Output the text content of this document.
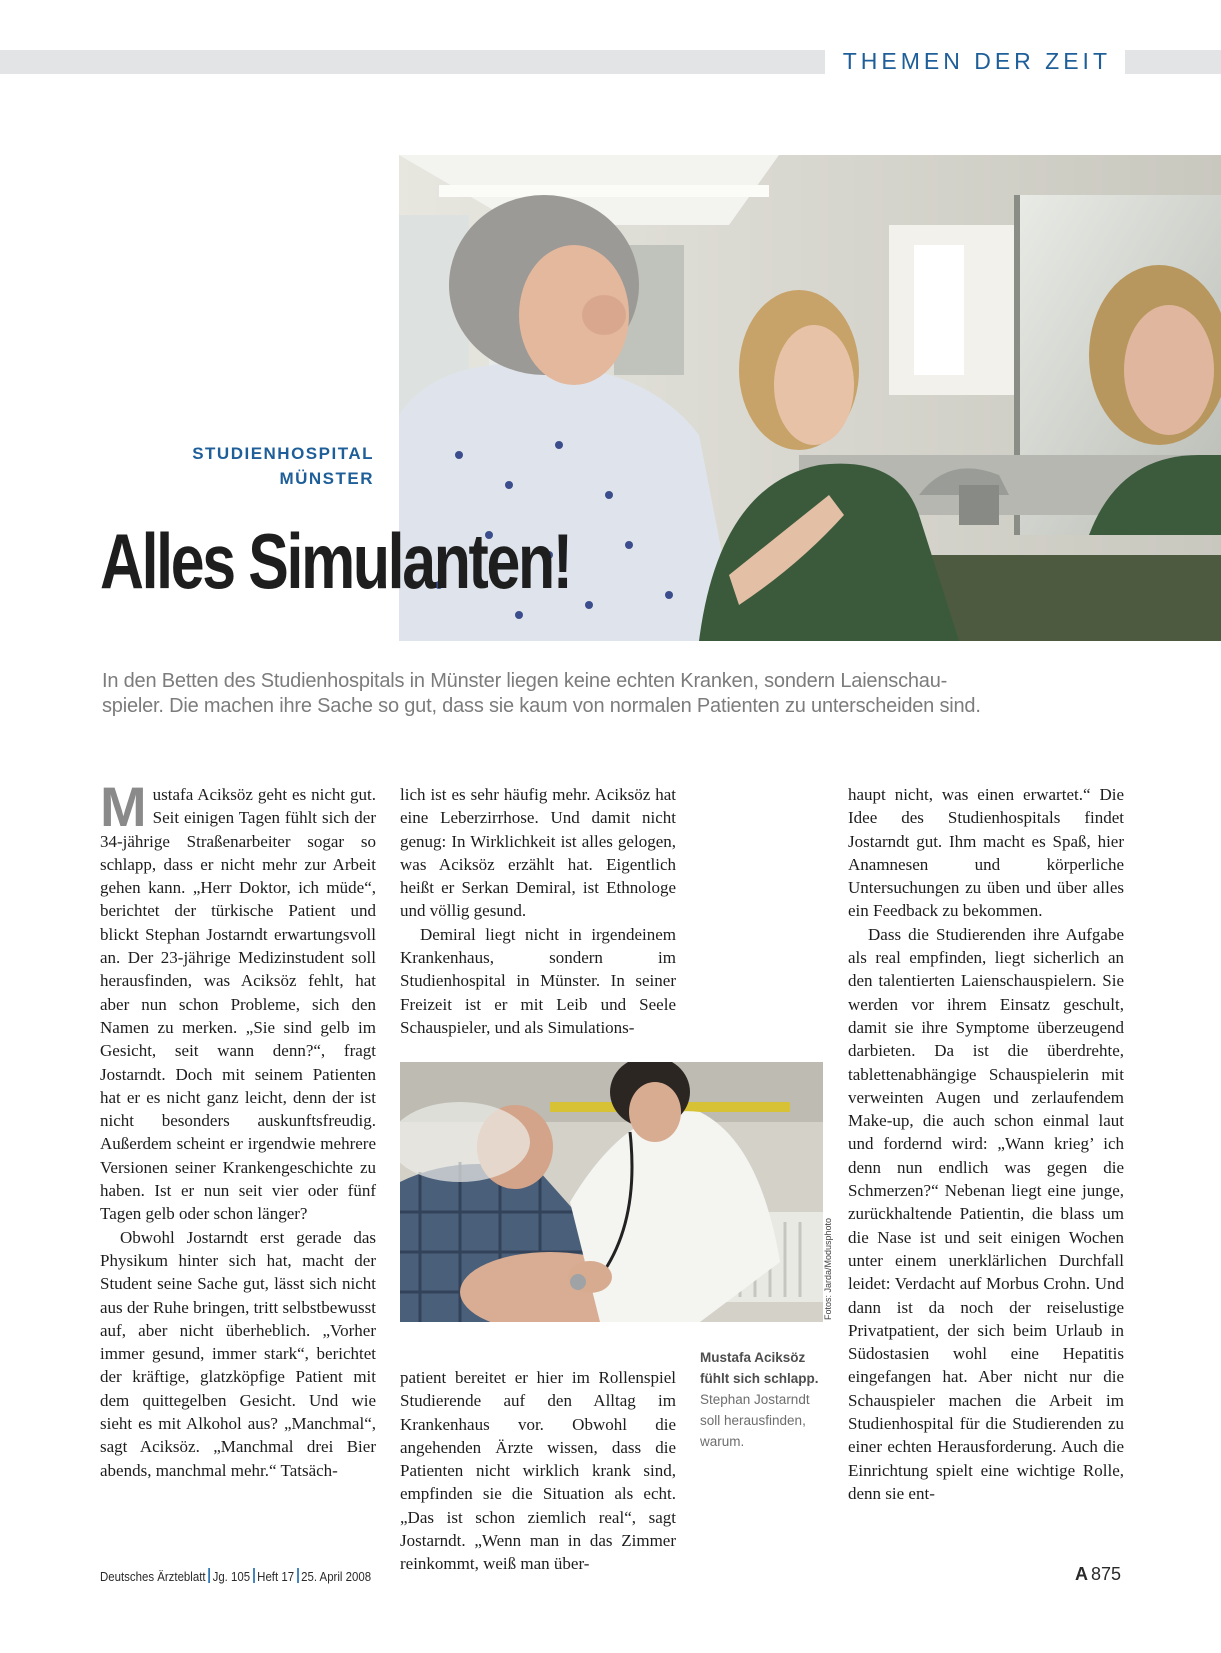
THEMEN DER ZEIT
STUDIENHOSPITAL
MÜNSTER
Alles Simulanten!
In den Betten des Studienhospitals in Münster liegen keine echten Kranken, sondern Laienschau-
spieler. Die machen ihre Sache so gut, dass sie kaum von normalen Patienten zu unterscheiden sind.

Mustafa Aciksöz geht es nicht gut. Seit einigen Tagen fühlt sich der 34-jährige Straßenarbeiter sogar so schlapp, dass er nicht mehr zur Arbeit gehen kann. „Herr Doktor, ich müde“, berichtet der türkische Patient und blickt Stephan Jostarndt erwartungsvoll an. Der 23-jährige Medizinstudent soll herausfinden, was Aciksöz fehlt, hat aber nun schon Probleme, sich den Namen zu merken. „Sie sind gelb im Gesicht, seit wann denn?“, fragt Jostarndt. Doch mit seinem Patienten hat er es nicht ganz leicht, denn der ist nicht besonders auskunftsfreudig. Außerdem scheint er irgendwie mehrere Versionen seiner Krankengeschichte zu haben. Ist er nun seit vier oder fünf Tagen gelb oder schon länger?

Obwohl Jostarndt erst gerade das Physikum hinter sich hat, macht der Student seine Sache gut, lässt sich nicht aus der Ruhe bringen, tritt selbstbewusst auf, aber nicht überheblich. „Vorher immer gesund, immer stark“, berichtet der kräftige, glatzköpfige Patient mit dem quittegelben Gesicht. Und wie sieht es mit Alkohol aus? „Manchmal“, sagt Aciksöz. „Manchmal drei Bier abends, manchmal mehr.“ Tatsäch-

lich ist es sehr häufig mehr. Aciksöz hat eine Leberzirrhose. Und damit nicht genug: In Wirklichkeit ist alles gelogen, was Aciksöz erzählt hat. Eigentlich heißt er Serkan Demiral, ist Ethnologe und völlig gesund.

Demiral liegt nicht in irgendeinem Krankenhaus, sondern im Studienhospital in Münster. In seiner Freizeit ist er mit Leib und Seele Schauspieler, und als Simulations-

Fotos: Jarda/Modusphoto

patient bereitet er hier im Rollenspiel Studierende auf den Alltag im Krankenhaus vor. Obwohl die angehenden Ärzte wissen, dass die Patienten nicht wirklich krank sind, empfinden sie die Situation als echt. „Das ist schon ziemlich real“, sagt Jostarndt. „Wenn man in das Zimmer reinkommt, weiß man über-

Mustafa Aciksöz fühlt sich schlapp. Stephan Jostarndt soll herausfinden, warum.

haupt nicht, was einen erwartet.“ Die Idee des Studienhospitals findet Jostarndt gut. Ihm macht es Spaß, hier Anamnesen und körperliche Untersuchungen zu üben und über alles ein Feedback zu bekommen.

Dass die Studierenden ihre Aufgabe als real empfinden, liegt sicherlich an den talentierten Laienschauspielern. Sie werden vor ihrem Einsatz geschult, damit sie ihre Symptome überzeugend darbieten. Da ist die überdrehte, tablettenabhängige Schauspielerin mit verweinten Augen und zerlaufendem Make-up, die auch schon einmal laut und fordernd wird: „Wann krieg’ ich denn nun endlich was gegen die Schmerzen?“ Nebenan liegt eine junge, zurückhaltende Patientin, die blass um die Nase ist und seit einigen Wochen unter einem unerklärlichen Durchfall leidet: Verdacht auf Morbus Crohn. Und dann ist da noch der reiselustige Privatpatient, der sich beim Urlaub in Südostasien wohl eine Hepatitis eingefangen hat. Aber nicht nur die Schauspieler machen die Arbeit im Studienhospital für die Studierenden zu einer echten Herausforderung. Auch die Einrichtung spielt eine wichtige Rolle, denn sie ent-

Deutsches Ärzteblatt Jg. 105 Heft 17 25. April 2008	A 875
